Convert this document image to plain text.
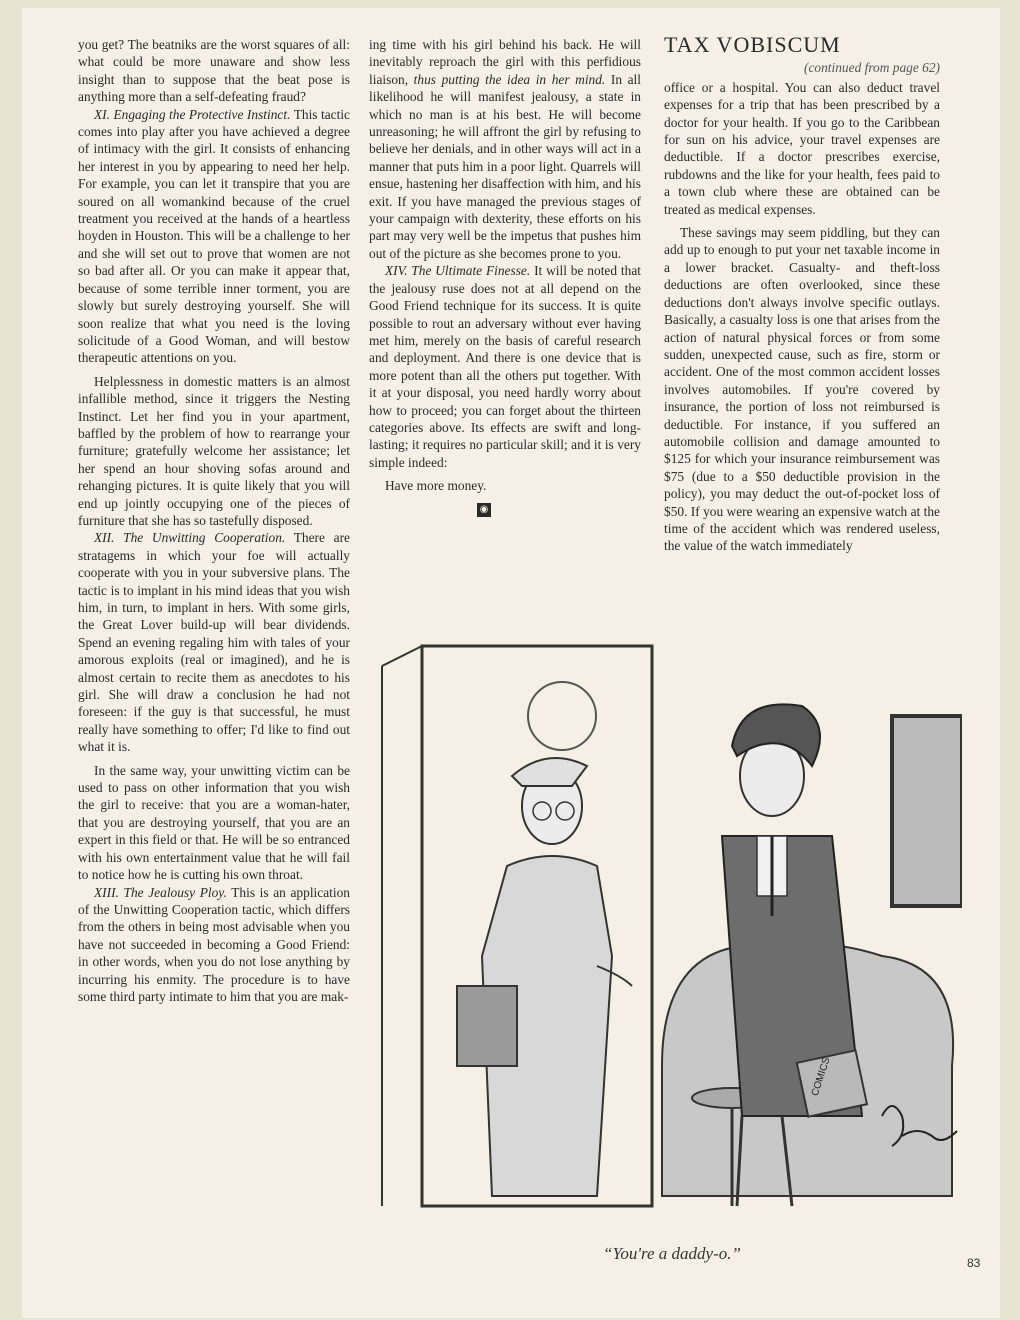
you get? The beatniks are the worst squares of all: what could be more unaware and show less insight than to suppose that the beat pose is anything more than a self-defeating fraud?

XI. Engaging the Protective Instinct. This tactic comes into play after you have achieved a degree of intimacy with the girl. It consists of enhancing her interest in you by appearing to need her help. For example, you can let it transpire that you are soured on all womankind because of the cruel treatment you received at the hands of a heartless hoyden in Houston. This will be a challenge to her and she will set out to prove that women are not so bad after all. Or you can make it appear that, because of some terrible inner torment, you are slowly but surely destroying yourself. She will soon realize that what you need is the loving solicitude of a Good Woman, and will bestow therapeutic attentions on you.

Helplessness in domestic matters is an almost infallible method, since it triggers the Nesting Instinct. Let her find you in your apartment, baffled by the problem of how to rearrange your furniture; gratefully welcome her assistance; let her spend an hour shoving sofas around and rehanging pictures. It is quite likely that you will end up jointly occupying one of the pieces of furniture that she has so tastefully disposed.

XII. The Unwitting Cooperation. There are stratagems in which your foe will actually cooperate with you in your subversive plans. The tactic is to implant in his mind ideas that you wish him, in turn, to implant in hers. With some girls, the Great Lover build-up will bear dividends. Spend an evening regaling him with tales of your amorous exploits (real or imagined), and he is almost certain to recite them as anecdotes to his girl. She will draw a conclusion he had not foreseen: if the guy is that successful, he must really have something to offer; I'd like to find out what it is.

In the same way, your unwitting victim can be used to pass on other information that you wish the girl to receive: that you are a woman-hater, that you are destroying yourself, that you are an expert in this field or that. He will be so entranced with his own entertainment value that he will fail to notice how he is cutting his own throat.

XIII. The Jealousy Ploy. This is an application of the Unwitting Cooperation tactic, which differs from the others in being most advisable when you have not succeeded in becoming a Good Friend: in other words, when you do not lose anything by incurring his enmity. The procedure is to have some third party intimate to him that you are mak-

ing time with his girl behind his back. He will inevitably reproach the girl with this perfidious liaison, thus putting the idea in her mind. In all likelihood he will manifest jealousy, a state in which no man is at his best. He will become unreasoning; he will affront the girl by refusing to believe her denials, and in other ways will act in a manner that puts him in a poor light. Quarrels will ensue, hastening her disaffection with him, and his exit. If you have managed the previous stages of your campaign with dexterity, these efforts on his part may very well be the impetus that pushes him out of the picture as she becomes prone to you.

XIV. The Ultimate Finesse. It will be noted that the jealousy ruse does not at all depend on the Good Friend technique for its success. It is quite possible to rout an adversary without ever having met him, merely on the basis of careful research and deployment. And there is one device that is more potent than all the others put together. With it at your disposal, you need hardly worry about how to proceed; you can forget about the thirteen categories above. Its effects are swift and long-lasting; it requires no particular skill; and it is very simple indeed:

Have more money.

◉
TAX VOBISCUM
(continued from page 62)

office or a hospital. You can also deduct travel expenses for a trip that has been prescribed by a doctor for your health. If you go to the Caribbean for sun on his advice, your travel expenses are deductible. If a doctor prescribes exercise, rubdowns and the like for your health, fees paid to a town club where these are obtained can be treated as medical expenses.

These savings may seem piddling, but they can add up to enough to put your net taxable income in a lower bracket. Casualty- and theft-loss deductions are often overlooked, since these deductions don't always involve specific outlays. Basically, a casualty loss is one that arises from the action of natural physical forces or from some sudden, unexpected cause, such as fire, storm or accident. One of the most common accident losses involves automobiles. If you're covered by insurance, the portion of loss not reimbursed is deductible. For instance, if you suffered an automobile collision and damage amounted to $125 for which your insurance reimbursement was $75 (due to a $50 deductible provision in the policy), you may deduct the out-of-pocket loss of $50. If you were wearing an expensive watch at the time of the accident which was rendered useless, the value of the watch immediately

COMICS
“You're a daddy-o.”	83
